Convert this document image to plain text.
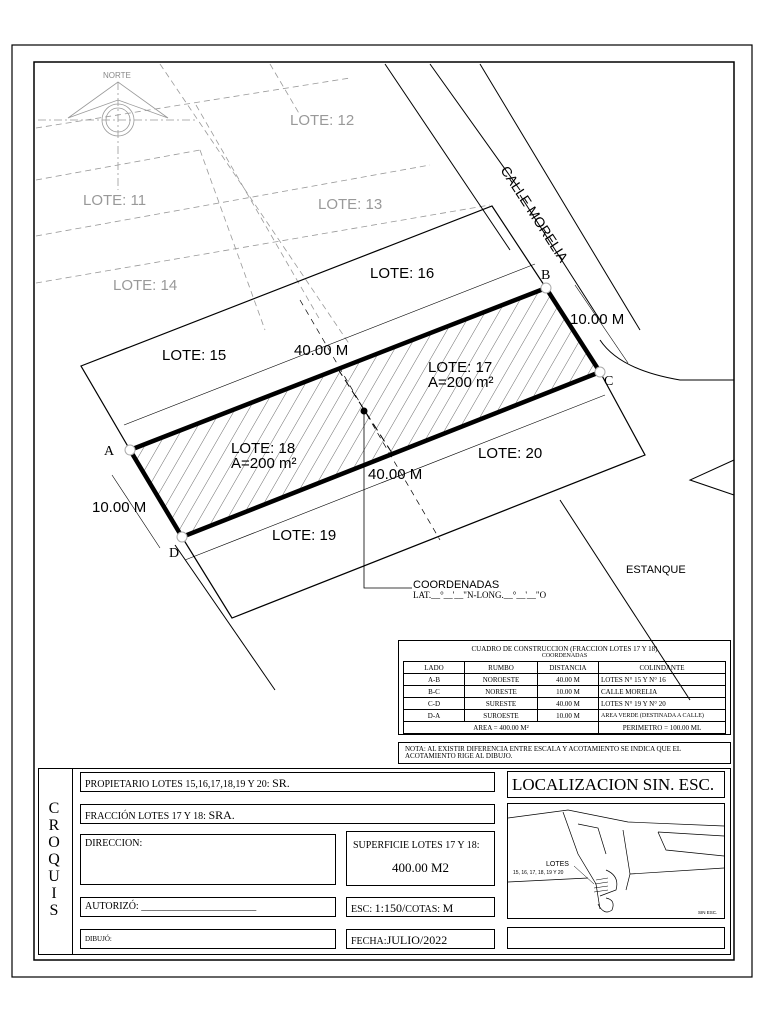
NORTE
LOTE: 12
LOTE: 11	LOTE: 13
LOTE: 14
CALLE MORELIA
LOTE: 16
LOTE: 15
LOTE: 17
A=200 m²
LOTE: 18
A=200 m²
LOTE: 19
LOTE: 20
40.00 M
40.00 M
10.00 M
10.00 M
A
B
C
D
ESTANQUE
COORDENADAS
LAT.__°__'__"N-LONG.__°__'__"O
CUADRO DE CONSTRUCCION (FRACCION LOTES 17 Y 18)
COORDENADAS
LADO	RUMBO	DISTANCIA	COLINDANTE
A-B	NOROESTE	40.00 M	LOTES N° 15 Y N° 16
B-C	NORESTE	10.00 M	CALLE MORELIA
C-D	SURESTE	40.00 M	LOTES N° 19 Y N° 20
D-A	SUROESTE	10.00 M	AREA VERDE (DESTINADA A CALLE)
AREA = 400.00 M²			PERIMETRO = 100.00 ML
NOTA: AL EXISTIR DIFERENCIA ENTRE ESCALA Y ACOTAMIENTO SE INDICA QUE EL ACOTAMIENTO RIGE AL DIBUJO.
C
R
O
Q
U
I
S
PROPIETARIO LOTES 15,16,17,18,19 Y 20: SR.
FRACCIÓN LOTES 17 Y 18: SRA.
DIRECCION:	SUPERFICIE LOTES 17 Y 18:
400.00 M2
AUTORIZÓ: _______________________	ESC: 1:150/COTAS: M
DIBUJÓ:	FECHA:JULIO/2022
LOCALIZACION SIN. ESC.
LOTES
15, 16, 17, 18, 19 Y 20
SIN ESC.
